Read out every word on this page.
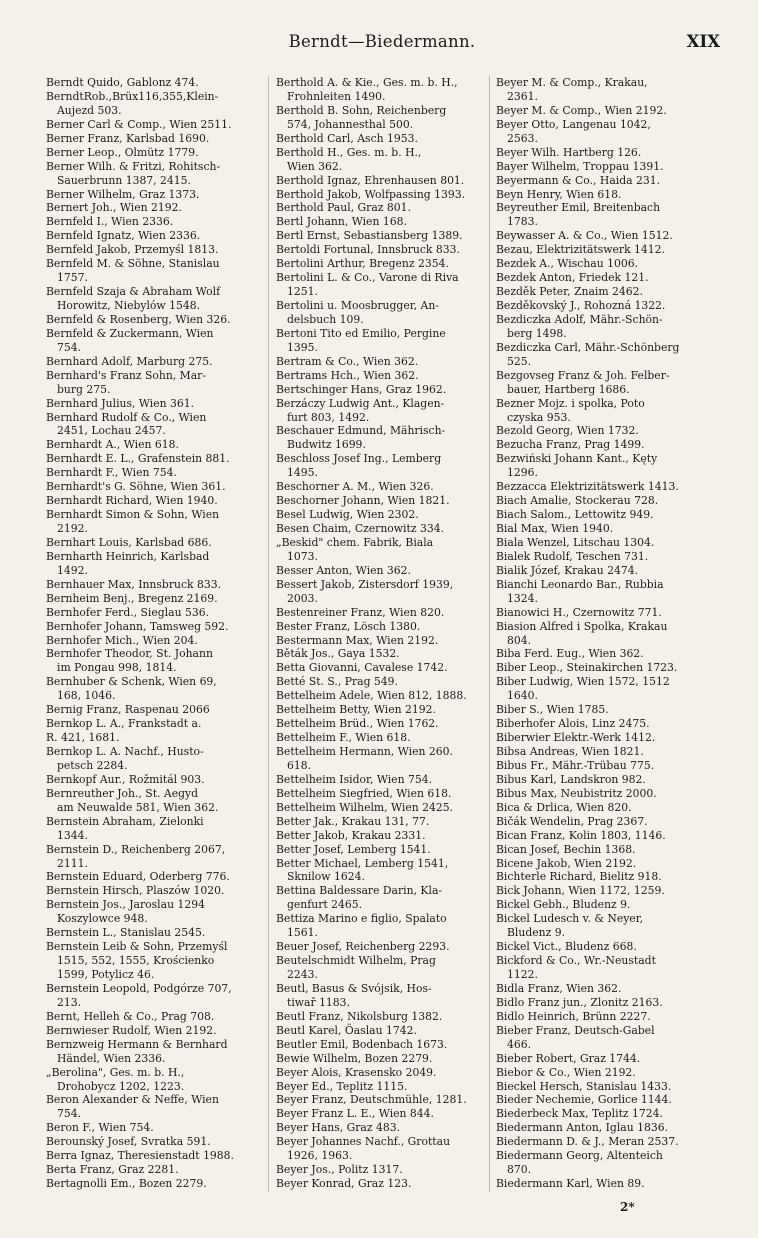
Berndt—Biedermann.	XIX
Berndt Quido, Gablonz 474.
BerndtRob.,Brüx116,355,Klein-
Aujezd 503.
Berner Carl & Comp., Wien 2511.
Berner Franz, Karlsbad 1690.
Berner Leop., Olmütz 1779.
Berner Wilh. & Fritzi, Rohitsch-
Sauerbrunn 1387, 2415.
Berner Wilhelm, Graz 1373.
Bernert Joh., Wien 2192.
Bernfeld I., Wien 2336.
Bernfeld Ignatz, Wien 2336.
Bernfeld Jakob, Przemyśl 1813.
Bernfeld M. & Söhne, Stanislau
1757.
Bernfeld Szaja & Abraham Wolf
Horowitz, Niebylów 1548.
Bernfeld & Rosenberg, Wien 326.
Bernfeld & Zuckermann, Wien
754.
Bernhard Adolf, Marburg 275.
Bernhard's Franz Sohn, Mar-
burg 275.
Bernhard Julius, Wien 361.
Bernhard Rudolf & Co., Wien
2451, Lochau 2457.
Bernhardt A., Wien 618.
Bernhardt E. L., Grafenstein 881.
Bernhardt F., Wien 754.
Bernhardt's G. Söhne, Wien 361.
Bernhardt Richard, Wien 1940.
Bernhardt Simon & Sohn, Wien
2192.
Bernhart Louis, Karlsbad 686.
Bernharth Heinrich, Karlsbad
1492.
Bernhauer Max, Innsbruck 833.
Bernheim Benj., Bregenz 2169.
Bernhofer Ferd., Sieglau 536.
Bernhofer Johann, Tamsweg 592.
Bernhofer Mich., Wien 204.
Bernhofer Theodor, St. Johann
im Pongau 998, 1814.
Bernhuber & Schenk, Wien 69,
168, 1046.
Bernig Franz, Raspenau 2066
Bernkop L. A., Frankstadt a.
R. 421, 1681.
Bernkop L. A. Nachf., Husto-
petsch 2284.
Bernkopf Aur., Rožmitál 903.
Bernreuther Joh., St. Aegyd
am Neuwalde 581, Wien 362.
Bernstein Abraham, Zielonki
1344.
Bernstein D., Reichenberg 2067,
2111.
Bernstein Eduard, Oderberg 776.
Bernstein Hirsch, Plaszów 1020.
Bernstein Jos., Jaroslau 1294
Koszylowce 948.
Bernstein L., Stanislau 2545.
Bernstein Leib & Sohn, Przemyśl
1515, 552, 1555, Krościenko
1599, Potylicz 46.
Bernstein Leopold, Podgórze 707,
213.
Bernt, Helleh & Co., Prag 708.
Bernwieser Rudolf, Wien 2192.
Bernzweig Hermann & Bernhard
Händel, Wien 2336.
„Berolina", Ges. m. b. H.,
Drohobycz 1202, 1223.
Beron Alexander & Neffe, Wien
754.
Beron F., Wien 754.
Berounský Josef, Svratka 591.
Berra Ignaz, Theresienstadt 1988.
Berta Franz, Graz 2281.
Bertagnolli Em., Bozen 2279.
Berthold A. & Kie., Ges. m. b. H.,
Frohnleiten 1490.
Berthold B. Sohn, Reichenberg
574, Johannesthal 500.
Berthold Carl, Asch 1953.
Berthold H., Ges. m. b. H.,
Wien 362.
Berthold Ignaz, Ehrenhausen 801.
Berthold Jakob, Wolfpassing 1393.
Berthold Paul, Graz 801.
Bertl Johann, Wien 168.
Bertl Ernst, Sebastiansberg 1389.
Bertoldi Fortunal, Innsbruck 833.
Bertolini Arthur, Bregenz 2354.
Bertolini L. & Co., Varone di Riva
1251.
Bertolini u. Moosbrugger, An-
delsbuch 109.
Bertoni Tito ed Emilio, Pergine
1395.
Bertram & Co., Wien 362.
Bertrams Hch., Wien 362.
Bertschinger Hans, Graz 1962.
Berzáczy Ludwig Ant., Klagen-
furt 803, 1492.
Beschauer Edmund, Mährisch-
Budwitz 1699.
Beschloss Josef Ing., Lemberg
1495.
Beschorner A. M., Wien 326.
Beschorner Johann, Wien 1821.
Besel Ludwig, Wien 2302.
Besen Chaim, Czernowitz 334.
„Beskid" chem. Fabrik, Biala
1073.
Besser Anton, Wien 362.
Bessert Jakob, Zistersdorf 1939,
2003.
Bestenreiner Franz, Wien 820.
Bester Franz, Lösch 1380.
Bestermann Max, Wien 2192.
Běták Jos., Gaya 1532.
Betta Giovanni, Cavalese 1742.
Betté St. S., Prag 549.
Bettelheim Adele, Wien 812, 1888.
Bettelheim Betty, Wien 2192.
Bettelheim Brüd., Wien 1762.
Bettelheim F., Wien 618.
Bettelheim Hermann, Wien 260.
618.
Bettelheim Isidor, Wien 754.
Bettelheim Siegfried, Wien 618.
Bettelheim Wilhelm, Wien 2425.
Better Jak., Krakau 131, 77.
Better Jakob, Krakau 2331.
Better Josef, Lemberg 1541.
Better Michael, Lemberg 1541,
Sknilow 1624.
Bettina Baldessare Darin, Kla-
genfurt 2465.
Bettiza Marino e figlio, Spalato
1561.
Beuer Josef, Reichenberg 2293.
Beutelschmidt Wilhelm, Prag
2243.
Beutl, Basus & Svójsik, Hos-
tiwař 1183.
Beutl Franz, Nikolsburg 1382.
Beutl Karel, Öaslau 1742.
Beutler Emil, Bodenbach 1673.
Bewie Wilhelm, Bozen 2279.
Beyer Alois, Krasensko 2049.
Beyer Ed., Teplitz 1115.
Beyer Franz, Deutschmühle, 1281.
Beyer Franz L. E., Wien 844.
Beyer Hans, Graz 483.
Beyer Johannes Nachf., Grottau
1926, 1963.
Beyer Jos., Politz 1317.
Beyer Konrad, Graz 123.
Beyer M. & Comp., Krakau,
2361.
Beyer M. & Comp., Wien 2192.
Beyer Otto, Langenau 1042,
2563.
Beyer Wilh. Hartberg 126.
Bayer Wilhelm, Troppau 1391.
Beyermann & Co., Haida 231.
Beyn Henry, Wien 618.
Beyreuther Emil, Breitenbach
1783.
Beywasser A. & Co., Wien 1512.
Bezau, Elektrizitätswerk 1412.
Bezdek A., Wischau 1006.
Bezdek Anton, Friedek 121.
Bezděk Peter, Znaim 2462.
Bezděkovský J., Rohozná 1322.
Bezdiczka Adolf, Mähr.-Schön-
berg 1498.
Bezdiczka Carl, Mähr.-Schönberg
525.
Bezgovseg Franz & Joh. Felber-
bauer, Hartberg 1686.
Bezner Mojz. i spolka, Poto
czyska 953.
Bezold Georg, Wien 1732.
Bezucha Franz, Prag 1499.
Bezwiński Johann Kant., Kęty
1296.
Bezzacca Elektrizitätswerk 1413.
Biach Amalie, Stockerau 728.
Biach Salom., Lettowitz 949.
Bial Max, Wien 1940.
Biala Wenzel, Litschau 1304.
Bialek Rudolf, Teschen 731.
Bialik Józef, Krakau 2474.
Bianchi Leonardo Bar., Rubbia
1324.
Bianowici H., Czernowitz 771.
Biasion Alfred i Spolka, Krakau
804.
Biba Ferd. Eug., Wien 362.
Biber Leop., Steinakirchen 1723.
Biber Ludwig, Wien 1572, 1512
1640.
Biber S., Wien 1785.
Biberhofer Alois, Linz 2475.
Biberwier Elektr.-Werk 1412.
Bibsa Andreas, Wien 1821.
Bibus Fr., Mähr.-Trübau 775.
Bibus Karl, Landskron 982.
Bibus Max, Neubistritz 2000.
Bica & Drlica, Wien 820.
Bičák Wendelin, Prag 2367.
Bican Franz, Kolin 1803, 1146.
Bican Josef, Bechin 1368.
Bicene Jakob, Wien 2192.
Bichterle Richard, Bielitz 918.
Bick Johann, Wien 1172, 1259.
Bickel Gebh., Bludenz 9.
Bickel Ludesch v. & Neyer,
Bludenz 9.
Bickel Vict., Bludenz 668.
Bickford & Co., Wr.-Neustadt
1122.
Bidla Franz, Wien 362.
Bidlo Franz jun., Zlonitz 2163.
Bidlo Heinrich, Brünn 2227.
Bieber Franz, Deutsch-Gabel
466.
Bieber Robert, Graz 1744.
Biebor & Co., Wien 2192.
Bieckel Hersch, Stanislau 1433.
Bieder Nechemie, Gorlice 1144.
Biederbeck Max, Teplitz 1724.
Biedermann Anton, Iglau 1836.
Biedermann D. & J., Meran 2537.
Biedermann Georg, Altenteich
870.
Biedermann Karl, Wien 89.
2*
